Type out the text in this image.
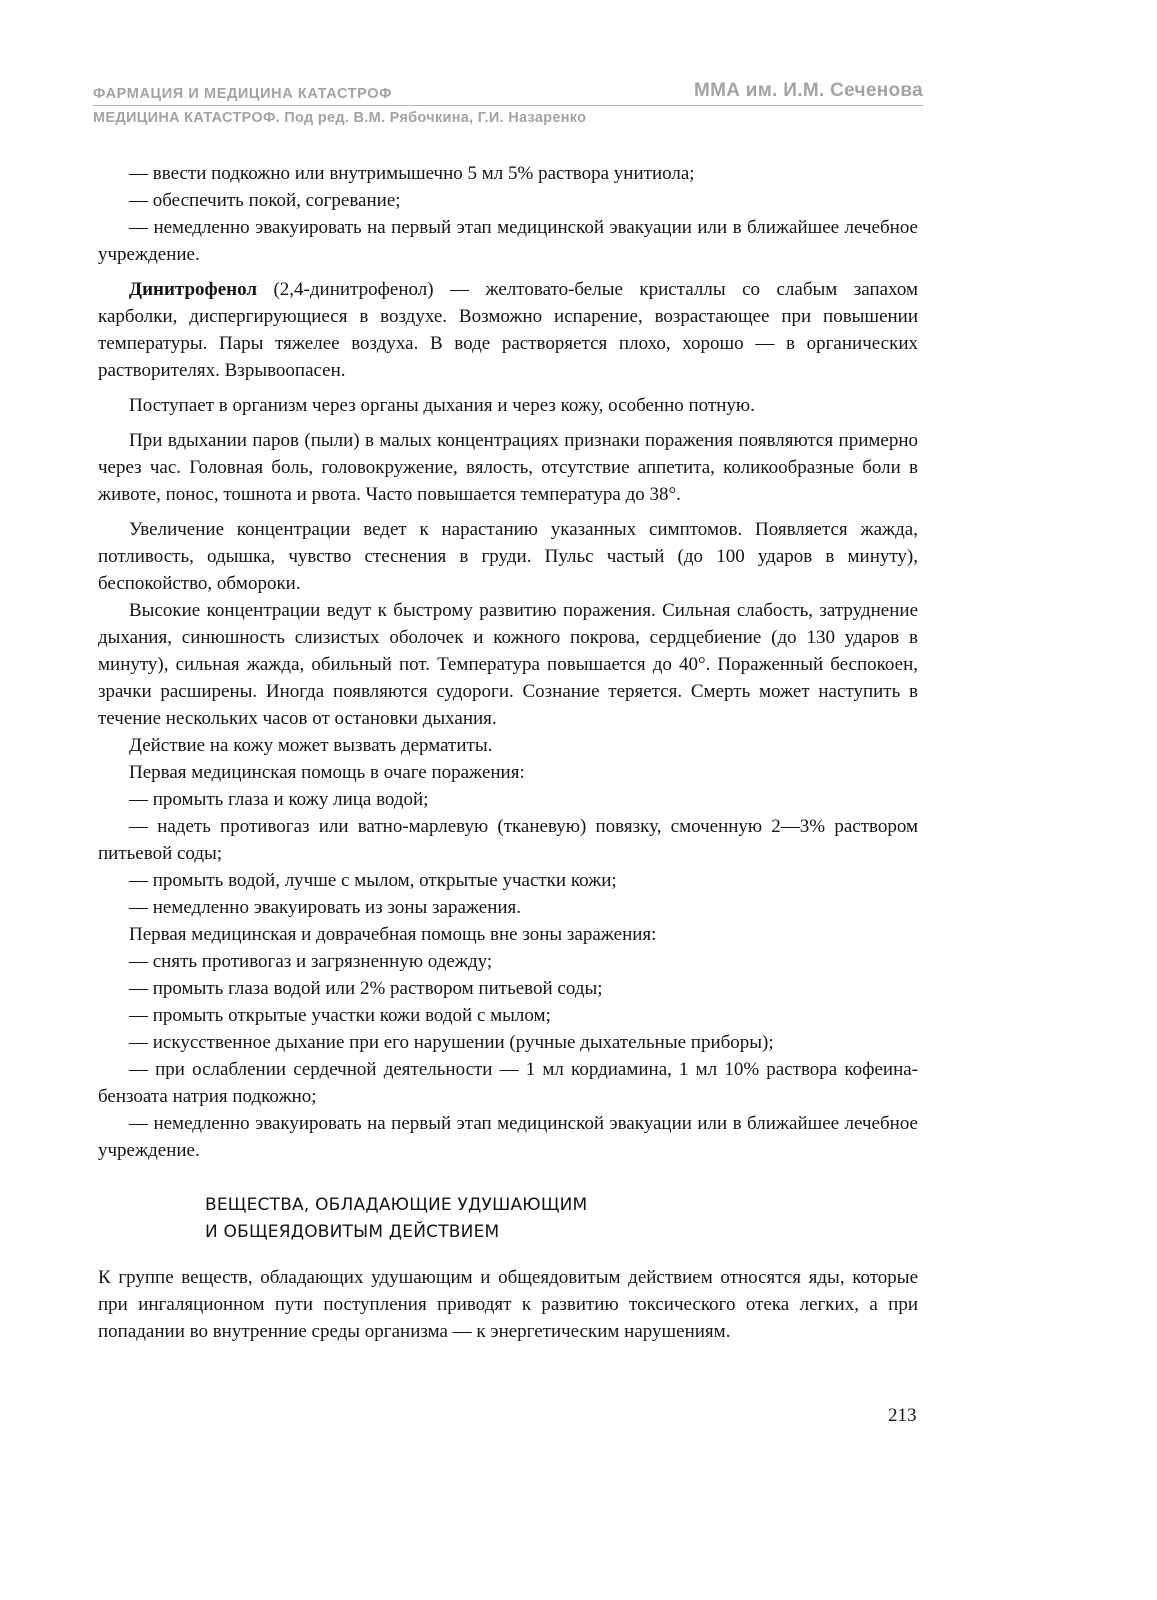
ФАРМАЦИЯ И МЕДИЦИНА КАТАСТРОФ	ММА им. И.М. Сеченова
МЕДИЦИНА КАТАСТРОФ. Под ред. В.М. Рябочкина, Г.И. Назаренко

— ввести подкожно или внутримышечно 5 мл 5% раствора унитиола;

— обеспечить покой, согревание;

— немедленно эвакуировать на первый этап медицинской эвакуации или в ближайшее лечебное учреждение.

Динитрофенол (2,4-динитрофенол) — желтовато-белые кристаллы со слабым запахом карболки, диспергирующиеся в воздухе. Возможно испарение, возрастающее при повышении температуры. Пары тяжелее воздуха. В воде растворяется плохо, хорошо — в органических растворителях. Взрывоопасен.

Поступает в организм через органы дыхания и через кожу, особенно потную.

При вдыхании паров (пыли) в малых концентрациях признаки поражения появляются примерно через час. Головная боль, головокружение, вялость, отсутствие аппетита, коликообразные боли в животе, понос, тошнота и рвота. Часто повышается температура до 38°.

Увеличение концентрации ведет к нарастанию указанных симптомов. Появляется жажда, потливость, одышка, чувство стеснения в груди. Пульс частый (до 100 ударов в минуту), беспокойство, обмороки.

Высокие концентрации ведут к быстрому развитию поражения. Сильная слабость, затруднение дыхания, синюшность слизистых оболочек и кожного покрова, сердцебиение (до 130 ударов в минуту), сильная жажда, обильный пот. Температура повышается до 40°. Пораженный беспокоен, зрачки расширены. Иногда появляются судороги. Сознание теряется. Смерть может наступить в течение нескольких часов от остановки дыхания.

Действие на кожу может вызвать дерматиты.

Первая медицинская помощь в очаге поражения:

— промыть глаза и кожу лица водой;

— надеть противогаз или ватно-марлевую (тканевую) повязку, смоченную 2—3% раствором питьевой соды;

— промыть водой, лучше с мылом, открытые участки кожи;

— немедленно эвакуировать из зоны заражения.

Первая медицинская и доврачебная помощь вне зоны заражения:

— снять противогаз и загрязненную одежду;

— промыть глаза водой или 2% раствором питьевой соды;

— промыть открытые участки кожи водой с мылом;

— искусственное дыхание при его нарушении (ручные дыхательные приборы);

— при ослаблении сердечной деятельности — 1 мл кордиамина, 1 мл 10% раствора кофеина-бензоата натрия подкожно;

— немедленно эвакуировать на первый этап медицинской эвакуации или в ближайшее лечебное учреждение.

ВЕЩЕСТВА, ОБЛАДАЮЩИЕ УДУШАЮЩИМ
И ОБЩЕЯДОВИТЫМ ДЕЙСТВИЕМ

К группе веществ, обладающих удушающим и общеядовитым действием относятся яды, которые при ингаляционном пути поступления приводят к развитию токсического отека легких, а при попадании во внутренние среды организма — к энергетическим нарушениям.

213
